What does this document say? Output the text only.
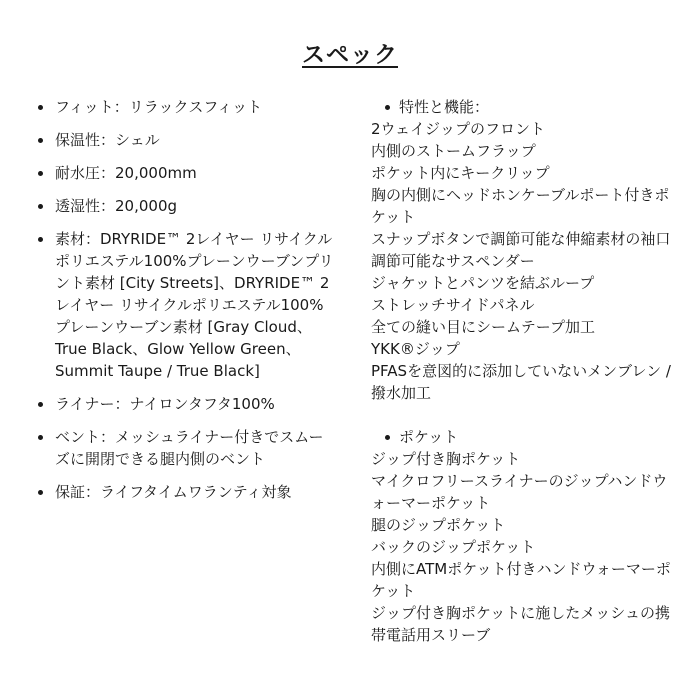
スペック
フィット：リラックスフィット
保温性：シェル
耐水圧：20,000mm
透湿性：20,000g
素材：DRYRIDE™ 2レイヤー リサイクルポリエステル100%プレーンウーブンプリント素材 [City Streets]、DRYRIDE™ 2レイヤー リサイクルポリエステル100%プレーンウーブン素材 [Gray Cloud、True Black、Glow Yellow Green、Summit Taupe / True Black]
ライナー：ナイロンタフタ100%
ベント：メッシュライナー付きでスムーズに開閉できる腿内側のベント
保証：ライフタイムワランティ対象
特性と機能：
2ウェイジップのフロント
内側のストームフラップ
ポケット内にキークリップ
胸の内側にヘッドホンケーブルポート付きポケット
スナップボタンで調節可能な伸縮素材の袖口
調節可能なサスペンダー
ジャケットとパンツを結ぶループ
ストレッチサイドパネル
全ての縫い目にシームテープ加工
YKK®ジップ
PFASを意図的に添加していないメンブレン / 撥水加工
ポケット
ジップ付き胸ポケット
マイクロフリースライナーのジップハンドウォーマーポケット
腿のジップポケット
バックのジップポケット
内側にATMポケット付きハンドウォーマーポケット
ジップ付き胸ポケットに施したメッシュの携帯電話用スリーブ
